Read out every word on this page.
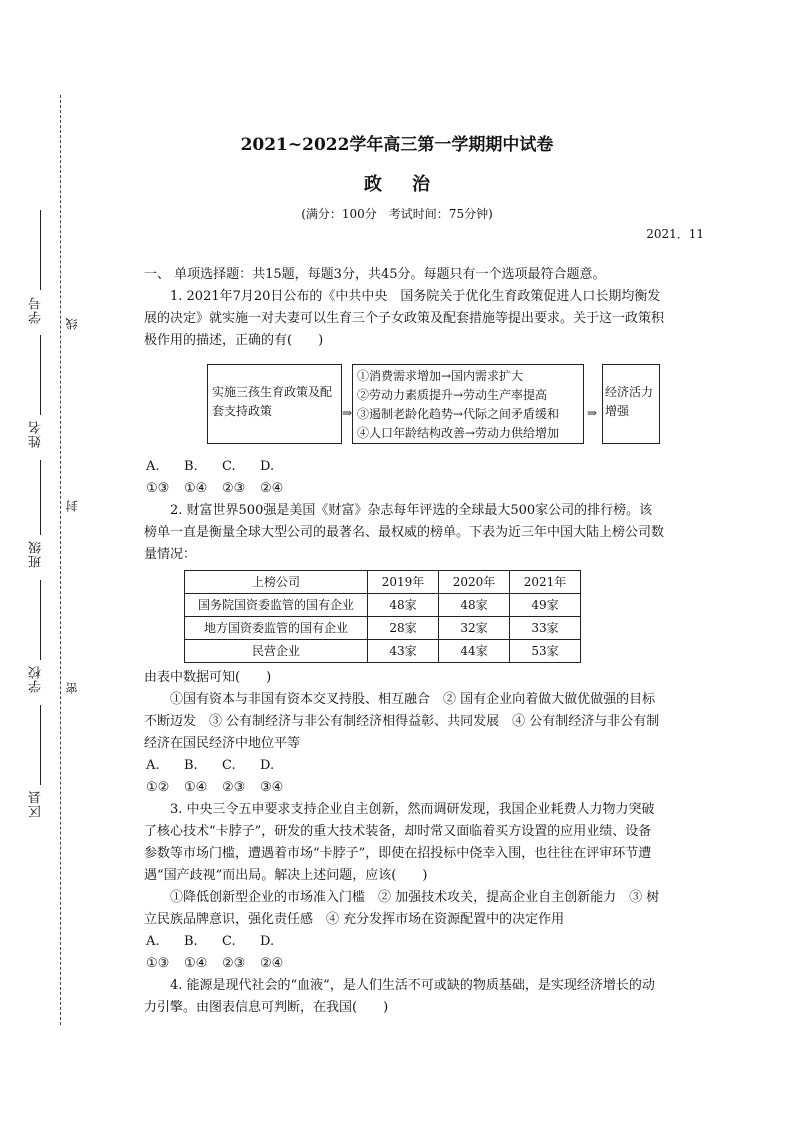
学号
姓名
班级
学校
区县
线
封
密
2021~2022学年高三第一学期期中试卷
政治
(满分：100分　考试时间：75分钟)
2021．11

一、 单项选择题：共15题，每题3分，共45分。每题只有一个选项最符合题意。

1. 2021年7月20日公布的《中共中央　国务院关于优化生育政策促进人口长期均衡发展的决定》就实施一对夫妻可以生育三个子女政策及配套措施等提出要求。关于这一政策积极作用的描述，正确的有(　　)

实施三孩生育政策及配套支持政策	⇒
①消费需求增加→国内需求扩大
②劳动力素质提升→劳动生产率提高
③遏制老龄化趋势→代际之间矛盾缓和
④人口年龄结构改善→劳动力供给增加
⇒
经济活力增强
A. ①③
B. ①④
C. ②③
D. ②④

2. 财富世界500强是美国《财富》杂志每年评选的全球最大500家公司的排行榜。该榜单一直是衡量全球大型公司的最著名、最权威的榜单。下表为近三年中国大陆上榜公司数量情况：

上榜公司	2019年	2020年	2021年
国务院国资委监管的国有企业	48家	48家	49家
地方国资委监管的国有企业	28家	32家	33家
民营企业	43家	44家	53家

由表中数据可知(　　)

①国有资本与非国有资本交叉持股、相互融合　② 国有企业向着做大做优做强的目标不断迈发　③ 公有制经济与非公有制经济相得益彰、共同发展　④ 公有制经济与非公有制经济在国民经济中地位平等

A. ①②
B. ①④
C. ②③
D. ③④

3. 中央三令五申要求支持企业自主创新，然而调研发现，我国企业耗费人力物力突破了核心技术“卡脖子”，研发的重大技术装备，却时常又面临着买方设置的应用业绩、设备参数等市场门槛，遭遇着市场“卡脖子”，即使在招投标中侥幸入围，也往往在评审环节遭遇“国产歧视”而出局。解决上述问题，应该(　　)

①降低创新型企业的市场准入门槛　② 加强技术攻关，提高企业自主创新能力　③ 树立民族品牌意识，强化责任感　④ 充分发挥市场在资源配置中的决定作用

A. ①③
B. ①④
C. ②③
D. ②④

4. 能源是现代社会的“血液”，是人们生活不可或缺的物质基础，是实现经济增长的动力引擎。由图表信息可判断，在我国(　　)
